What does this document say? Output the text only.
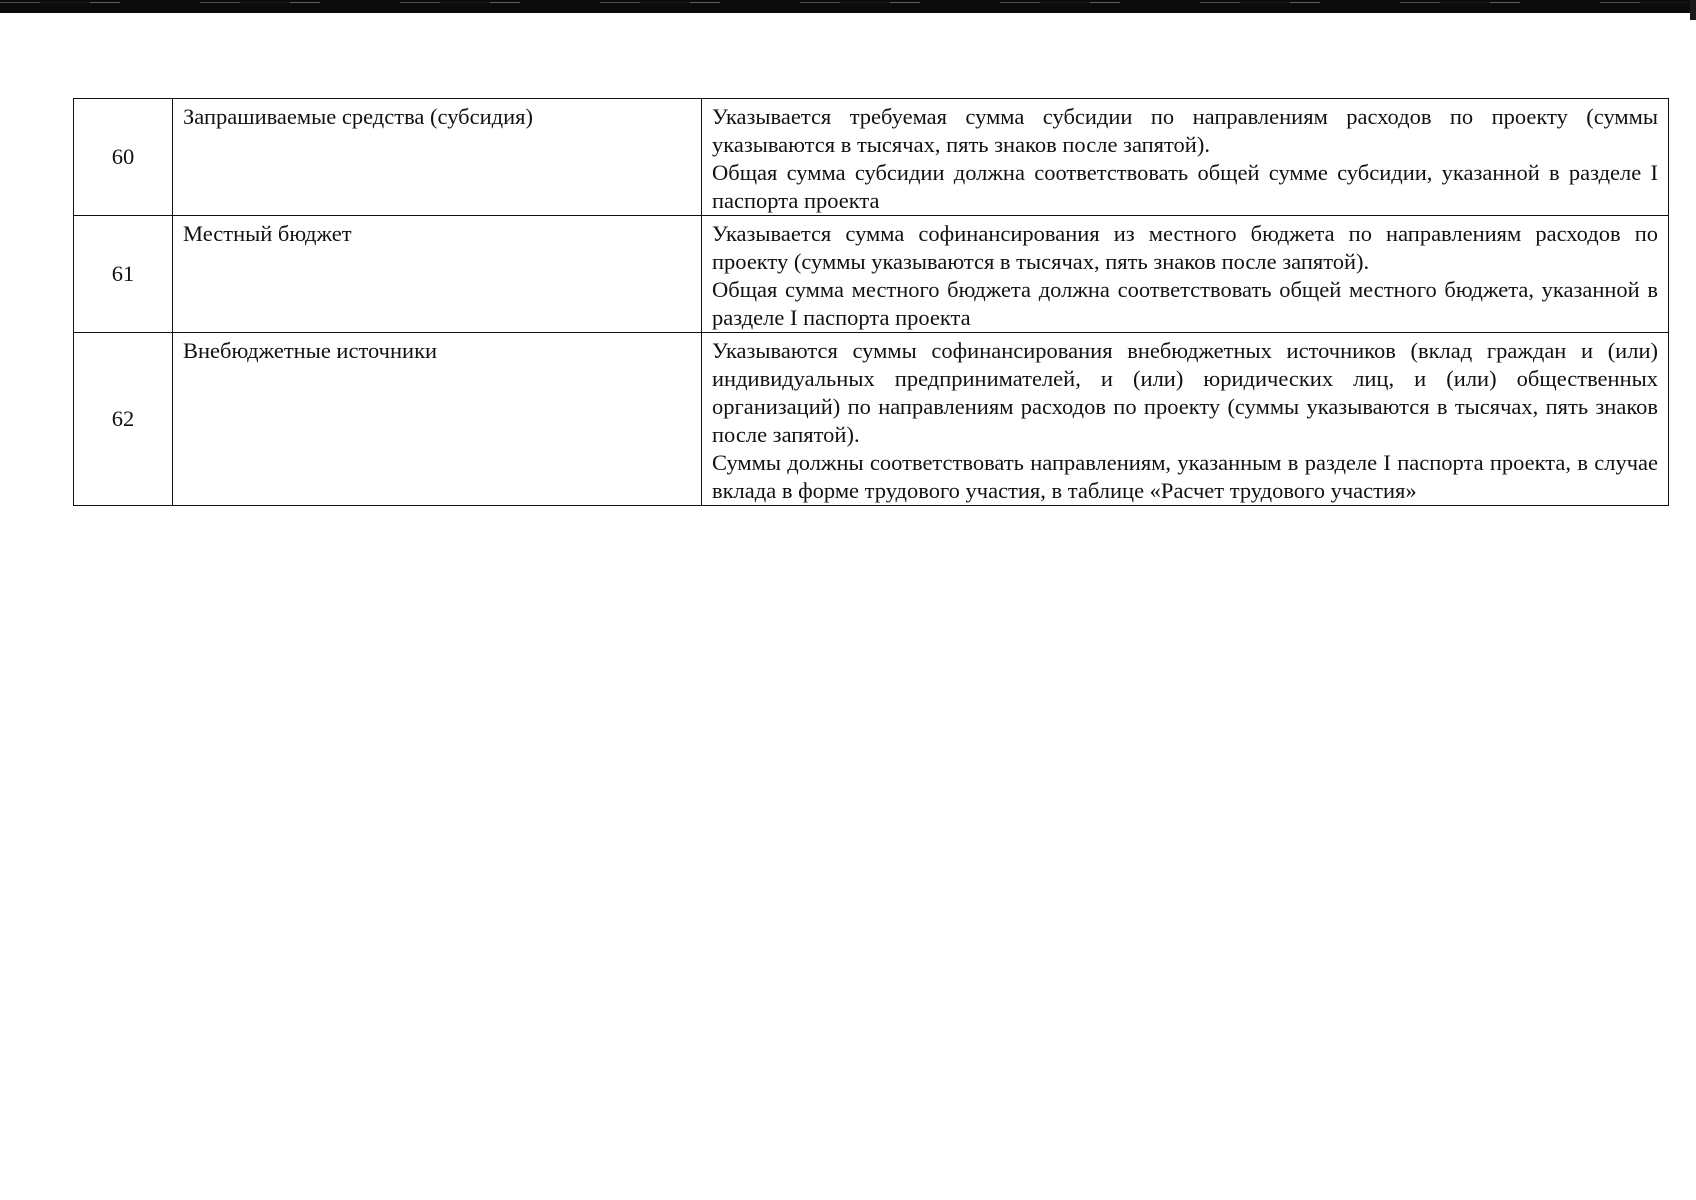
60	Запрашиваемые средства (субсидия)	Указывается требуемая сумма субсидии по направлениям расходов по проекту (суммы указываются в тысячах, пять знаков после запятой).

Общая сумма субсидии должна соответствовать общей сумме субсидии, указанной в разделе I паспорта проекта

61	Местный бюджет	Указывается сумма софинансирования из местного бюджета по направлениям расходов по проекту (суммы указываются в тысячах, пять знаков после запятой).

Общая сумма местного бюджета должна соответствовать общей местного бюджета, указанной в разделе I паспорта проекта

62	Внебюджетные источники	Указываются суммы софинансирования внебюджетных источников (вклад граждан и (или) индивидуальных предпринимателей, и (или) юридических лиц, и (или) общественных организаций) по направлениям расходов по проекту (суммы указываются в тысячах, пять знаков после запятой).

Суммы должны соответствовать направлениям, указанным в разделе I паспорта проекта, в случае вклада в форме трудового участия, в таблице «Расчет трудового участия»
